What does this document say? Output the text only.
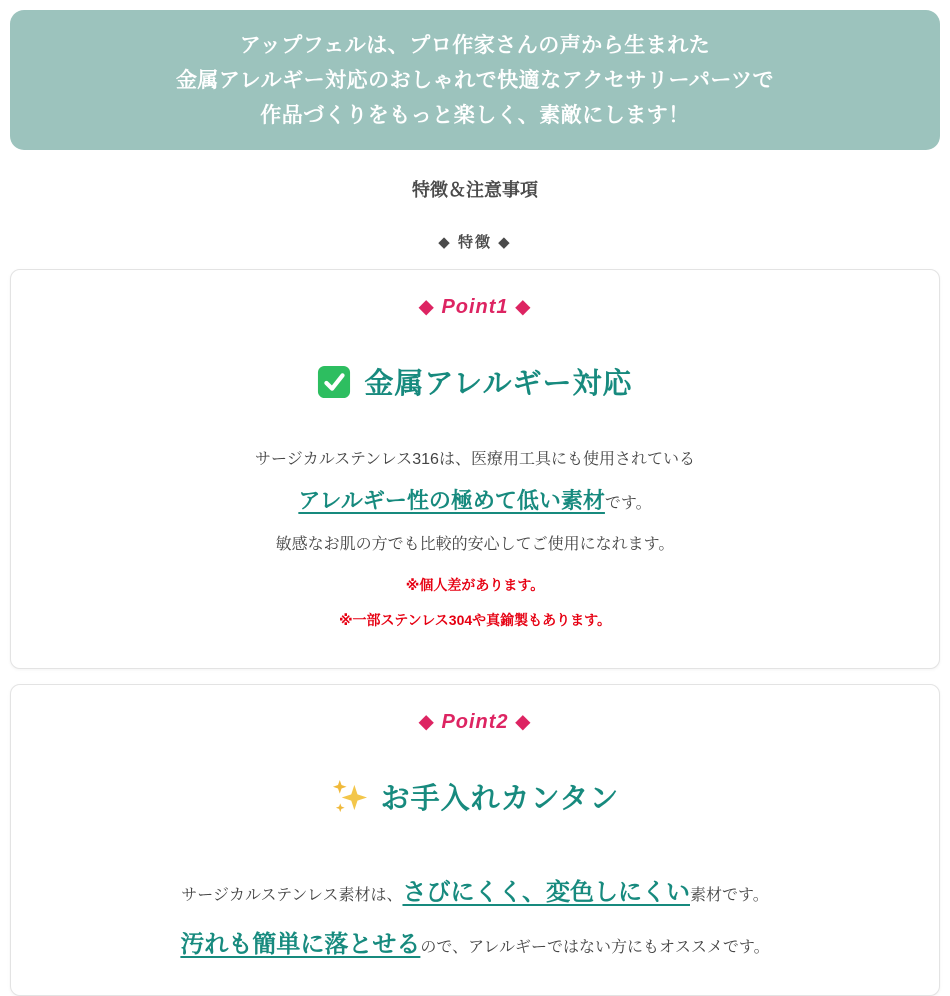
アップフェルは、プロ作家さんの声から生まれた
金属アレルギー対応のおしゃれで快適なアクセサリーパーツで
作品づくりをもっと楽しく、素敵にします！
特徴＆注意事項
◆ 特徴 ◆
◆ Point1 ◆
金属アレルギー対応
サージカルステンレス316は、医療用工具にも使用されている
アレルギー性の極めて低い素材です。
敏感なお肌の方でも比較的安心してご使用になれます。
※個人差があります。
※一部ステンレス304や真鍮製もあります。
◆ Point2 ◆
お手入れカンタン
サージカルステンレス素材は、さびにくく、変色しにくい素材です。
汚れも簡単に落とせるので、アレルギーではない方にもオススメです。
